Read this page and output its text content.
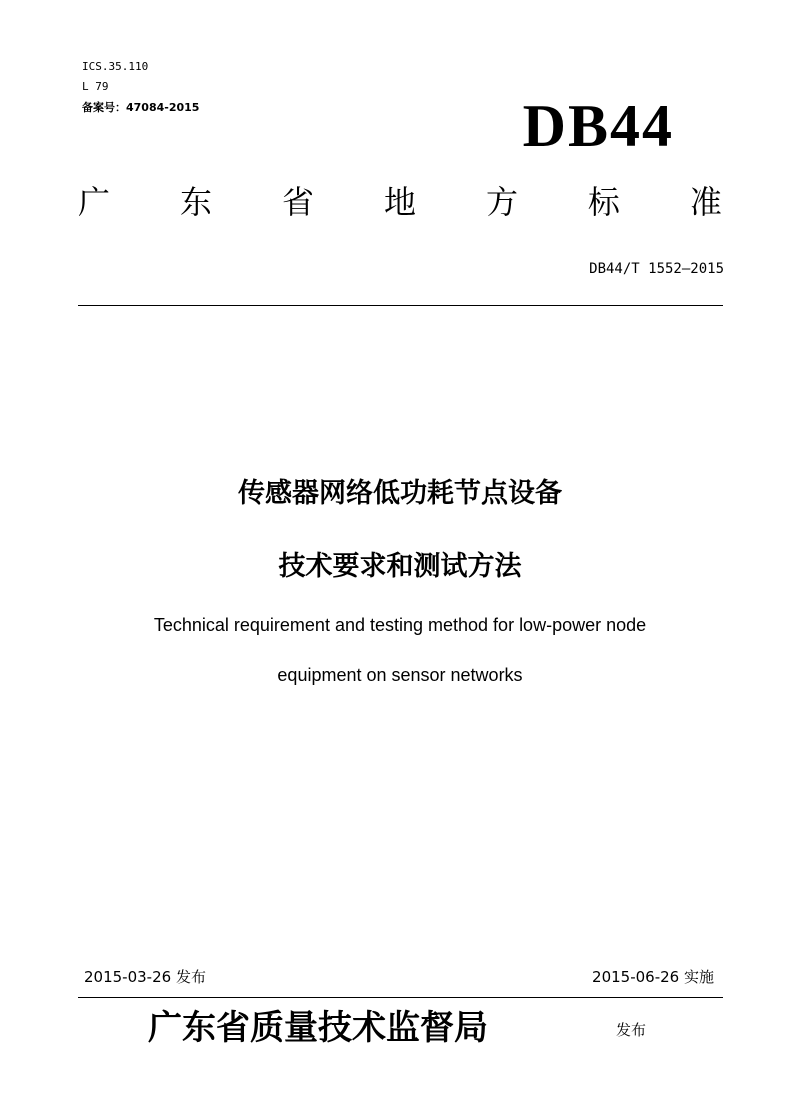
ICS.35.110
L 79
备案号：47084-2015	DB44
广 东 省 地 方 标 准
DB44/T 1552—2015
传感器网络低功耗节点设备
技术要求和测试方法
Technical requirement and testing method for low-power node
equipment on sensor networks
2015-03-26 发布	2015-06-26 实施
广东省质量技术监督局	发布
